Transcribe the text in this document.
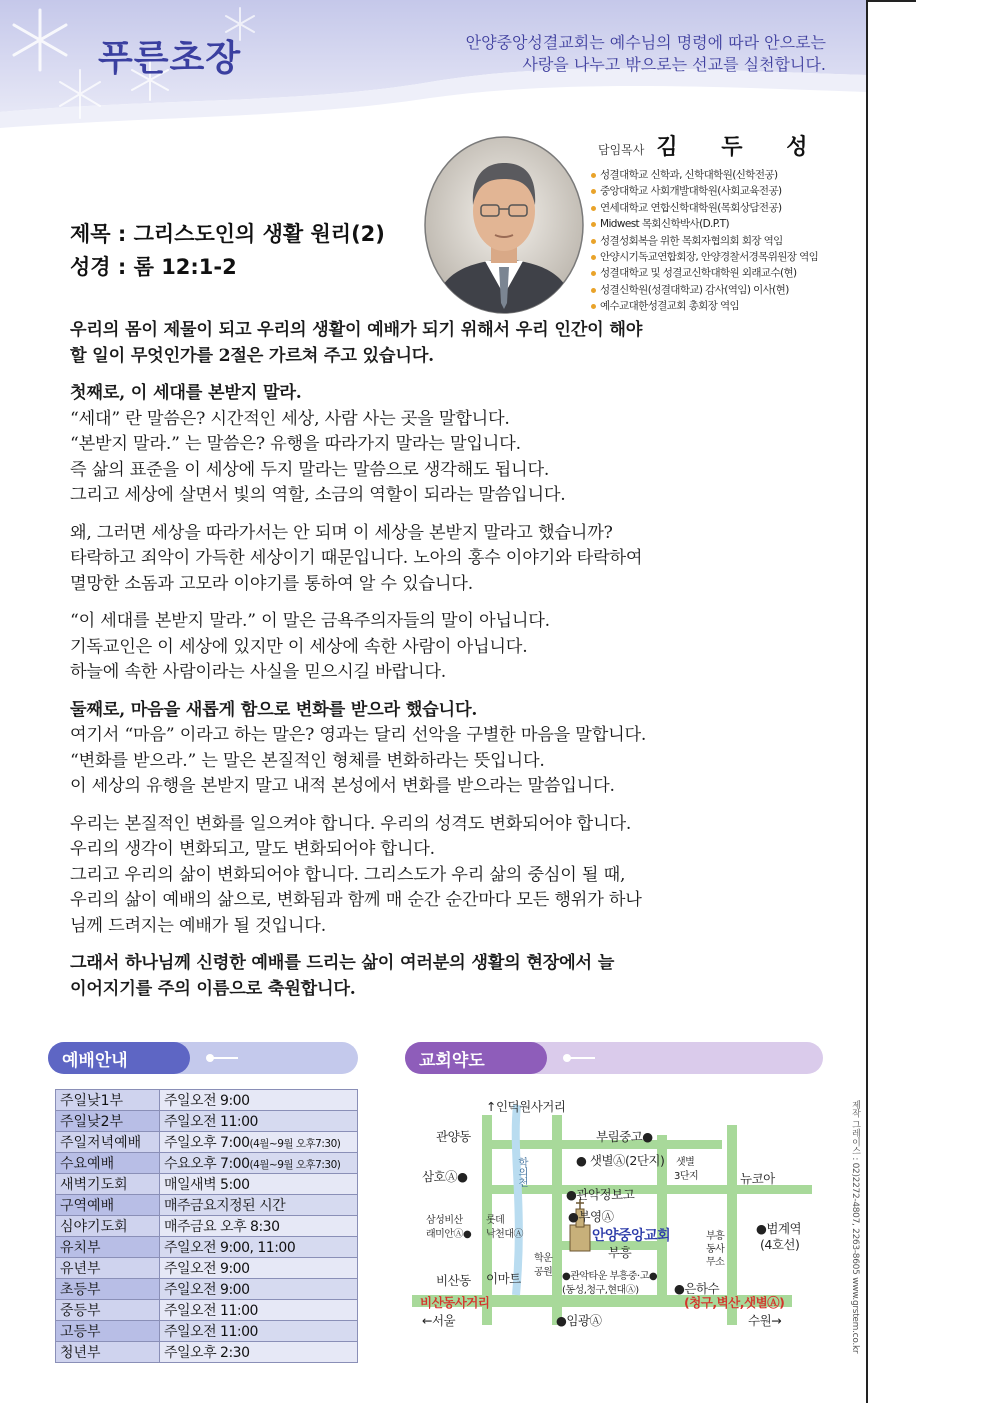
푸른초장	안양중앙성결교회는 예수님의 명령에 따라 안으로는
사랑을 나누고 밖으로는 선교를 실천합니다.
담임목사 김 두 성
성결대학교 신학과, 신학대학원(신학전공)
중앙대학교 사회개발대학원(사회교육전공)
연세대학교 연합신학대학원(목회상담전공)
Midwest 목회신학박사(D.P.T)
성결성회복을 위한 목회자협의회 회장 역임
안양시기독교연합회장, 안양경찰서경목위원장 역임
성결대학교 및 성결교신학대학원 외래교수(현)
성결신학원(성결대학교) 감사(역임) 이사(현)
예수교대한성결교회 총회장 역임
제목 : 그리스도인의 생활 원리(2)
성경 : 롬 12:1-2
우리의 몸이 제물이 되고 우리의 생활이 예배가 되기 위해서 우리 인간이 해야
할 일이 무엇인가를 2절은 가르쳐 주고 있습니다.
첫째로, 이 세대를 본받지 말라.
“세대” 란 말씀은? 시간적인 세상, 사람 사는 곳을 말합니다.
“본받지 말라.” 는 말씀은? 유행을 따라가지 말라는 말입니다.
즉 삶의 표준을 이 세상에 두지 말라는 말씀으로 생각해도 됩니다.
그리고 세상에 살면서 빛의 역할, 소금의 역할이 되라는 말씀입니다.
왜, 그러면 세상을 따라가서는 안 되며 이 세상을 본받지 말라고 했습니까?
타락하고 죄악이 가득한 세상이기 때문입니다. 노아의 홍수 이야기와 타락하여
멸망한 소돔과 고모라 이야기를 통하여 알 수 있습니다.
“이 세대를 본받지 말라.” 이 말은 금욕주의자들의 말이 아닙니다.
기독교인은 이 세상에 있지만 이 세상에 속한 사람이 아닙니다.
하늘에 속한 사람이라는 사실을 믿으시길 바랍니다.
둘째로, 마음을 새롭게 함으로 변화를 받으라 했습니다.
여기서 “마음” 이라고 하는 말은? 영과는 달리 선악을 구별한 마음을 말합니다.
“변화를 받으라.” 는 말은 본질적인 형체를 변화하라는 뜻입니다.
이 세상의 유행을 본받지 말고 내적 본성에서 변화를 받으라는 말씀입니다.
우리는 본질적인 변화를 일으켜야 합니다. 우리의 성격도 변화되어야 합니다.
우리의 생각이 변화되고, 말도 변화되어야 합니다.
그리고 우리의 삶이 변화되어야 합니다. 그리스도가 우리 삶의 중심이 될 때,
우리의 삶이 예배의 삶으로, 변화됨과 함께 매 순간 순간마다 모든 행위가 하나
님께 드려지는 예배가 될 것입니다.
그래서 하나님께 신령한 예배를 드리는 삶이 여러분의 생활의 현장에서 늘
이어지기를 주의 이름으로 축원합니다.
예배안내
주일낮1부	주일오전 9:00
주일낮2부	주일오전 11:00
주일저녁예배	주일오후 7:00(4월~9월 오후7:30)
수요예배	수요오후 7:00(4월~9월 오후7:30)
새벽기도회	매일새벽 5:00
구역예배	매주금요지정된 시간
심야기도회	매주금요 오후 8:30
유치부	주일오전 9:00, 11:00
유년부	주일오전 9:00
초등부	주일오전 9:00
중등부	주일오전 11:00
고등부	주일오전 11:00
청년부	주일오후 2:30
교회약도
↑인덕원사거리
관양동	부림중고●
● 샛별Ⓐ(2단지) 샛별
3단지
삼호Ⓐ●	학의천	뉴코아
●관악정보고
●부영Ⓐ
삼성비산
래미안Ⓐ●
롯데
낙천대Ⓐ	안양중앙교회
부흥
부흥
동사
무소
●범계역
(4호선)
학운
공원
비산동 이마트	●관악타운 부흥중·고●
(동성,청구,현대Ⓐ)	●은하수
비산동사거리	(청구,벽산,샛별Ⓐ)
←서울	●임광Ⓐ	수원→	제작 그레이스 : 02)2272-4807, 2263-8605 www.grstem.co.kr
